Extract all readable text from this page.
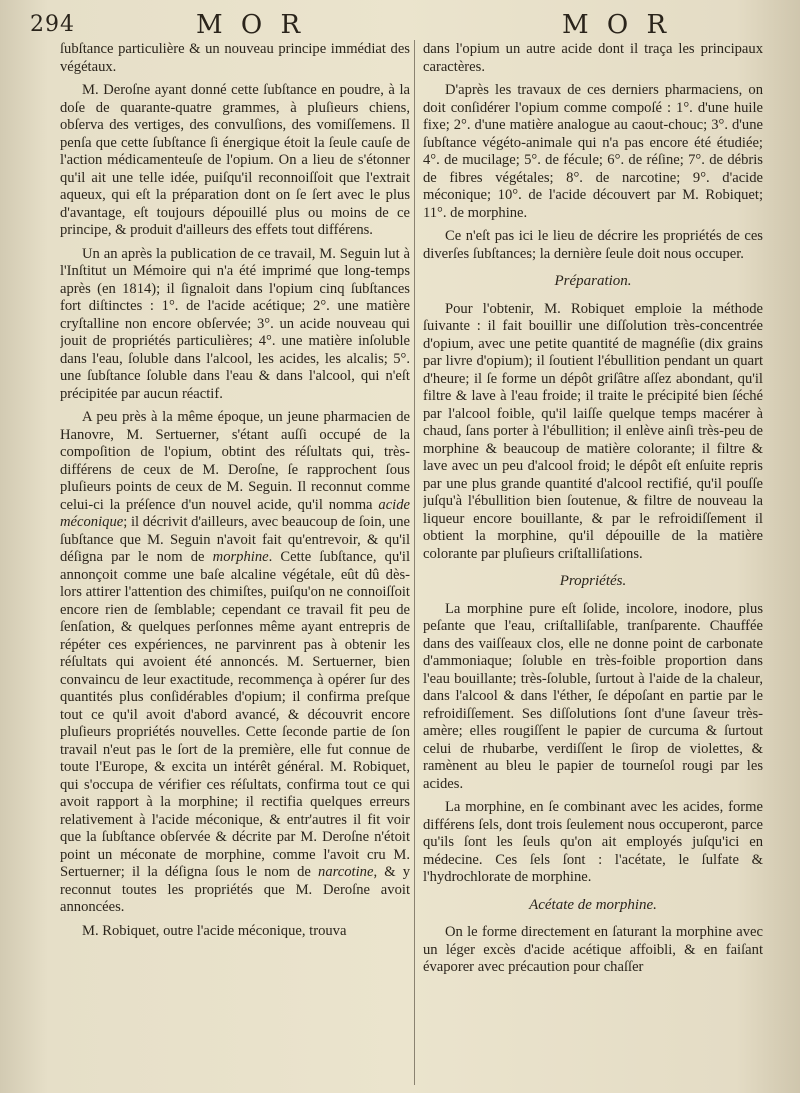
294	M O R	M O R

ſubſtance particulière & un nouveau principe immédiat des végétaux.

M. Deroſne ayant donné cette ſubſtance en poudre, à la doſe de quarante-quatre grammes, à pluſieurs chiens, obſerva des vertiges, des convulſions, des vomiſſemens. Il penſa que cette ſubſtance ſi énergique étoit la ſeule cauſe de l'action médicamenteuſe de l'opium. On a lieu de s'étonner qu'il ait une telle idée, puiſqu'il reconnoiſſoit que l'extrait aqueux, qui eſt la préparation dont on ſe ſert avec le plus d'avantage, eſt toujours dépouillé plus ou moins de ce principe, & produit d'ailleurs des effets tout différens.

Un an après la publication de ce travail, M. Seguin lut à l'Inſtitut un Mémoire qui n'a été imprimé que long-temps après (en 1814); il ſignaloit dans l'opium cinq ſubſtances fort diſtinctes : 1°. de l'acide acétique; 2°. une matière cryſtalline non encore obſervée; 3°. un acide nouveau qui jouit de propriétés particulières; 4°. une matière inſoluble dans l'eau, ſoluble dans l'alcool, les acides, les alcalis; 5°. une ſubſtance ſoluble dans l'eau & dans l'alcool, qui n'eſt précipitée par aucun réactif.

A peu près à la même époque, un jeune pharmacien de Hanovre, M. Sertuerner, s'étant auſſi occupé de la compoſition de l'opium, obtint des réſultats qui, très-différens de ceux de M. Deroſne, ſe rapprochent ſous pluſieurs points de ceux de M. Seguin. Il reconnut comme celui-ci la préſence d'un nouvel acide, qu'il nomma acide méconique; il décrivit d'ailleurs, avec beaucoup de ſoin, une ſubſtance que M. Seguin n'avoit fait qu'entrevoir, & qu'il déſigna par le nom de morphine. Cette ſubſtance, qu'il annonçoit comme une baſe alcaline végétale, eût dû dès-lors attirer l'attention des chimiſtes, puiſqu'on ne connoiſſoit encore rien de ſemblable; cependant ce travail fit peu de ſenſation, & quelques perſonnes même ayant entrepris de répéter ces expériences, ne parvinrent pas à obtenir les réſultats qui avoient été annoncés. M. Sertuerner, bien convaincu de leur exactitude, recommença à opérer ſur des quantités plus conſidérables d'opium; il confirma preſque tout ce qu'il avoit d'abord avancé, & découvrit encore pluſieurs propriétés nouvelles. Cette ſeconde partie de ſon travail n'eut pas le ſort de la première, elle fut connue de toute l'Europe, & excita un intérêt général. M. Robiquet, qui s'occupa de vérifier ces réſultats, confirma tout ce qui avoit rapport à la morphine; il rectifia quelques erreurs relativement à l'acide méconique, & entr'autres il fit voir que la ſubſtance obſervée & décrite par M. Deroſne n'étoit point un méconate de morphine, comme l'avoit cru M. Sertuerner; il la déſigna ſous le nom de narcotine, & y reconnut toutes les propriétés que M. Deroſne avoit annoncées.

M. Robiquet, outre l'acide méconique, trouva

dans l'opium un autre acide dont il traça les principaux caractères.

D'après les travaux de ces derniers pharmaciens, on doit conſidérer l'opium comme compoſé : 1°. d'une huile fixe; 2°. d'une matière analogue au caout-chouc; 3°. d'une ſubſtance végéto-animale qui n'a pas encore été étudiée; 4°. de mucilage; 5°. de fécule; 6°. de réſine; 7°. de débris de fibres végétales; 8°. de narcotine; 9°. d'acide méconique; 10°. de l'acide découvert par M. Robiquet; 11°. de morphine.

Ce n'eſt pas ici le lieu de décrire les propriétés de ces diverſes ſubſtances; la dernière ſeule doit nous occuper.

Préparation.

Pour l'obtenir, M. Robiquet emploie la méthode ſuivante : il fait bouillir une diſſolution très-concentrée d'opium, avec une petite quantité de magnéſie (dix grains par livre d'opium); il ſoutient l'ébullition pendant un quart d'heure; il ſe forme un dépôt griſâtre aſſez abondant, qu'il filtre & lave à l'eau froide; il traite le précipité bien ſéché par l'alcool foible, qu'il laiſſe quelque temps macérer à chaud, ſans porter à l'ébullition; il enlève ainſi très-peu de morphine & beaucoup de matière colorante; il filtre & lave avec un peu d'alcool froid; le dépôt eſt enſuite repris par une plus grande quantité d'alcool rectifié, qu'il pouſſe juſqu'à l'ébullition bien ſoutenue, & filtre de nouveau la liqueur encore bouillante, & par le refroidiſſement il obtient la morphine, qu'il dépouille de la matière colorante par pluſieurs criſtalliſations.

Propriétés.

La morphine pure eſt ſolide, incolore, inodore, plus peſante que l'eau, criſtalliſable, tranſparente. Chauffée dans des vaiſſeaux clos, elle ne donne point de carbonate d'ammoniaque; ſoluble en très-foible proportion dans l'eau bouillante; très-ſoluble, ſurtout à l'aide de la chaleur, dans l'alcool & dans l'éther, ſe dépoſant en partie par le refroidiſſement. Ses diſſolutions ſont d'une ſaveur très-amère; elles rougiſſent le papier de curcuma & ſurtout celui de rhubarbe, verdiſſent le ſirop de violettes, & ramènent au bleu le papier de tourneſol rougi par les acides.

La morphine, en ſe combinant avec les acides, forme différens ſels, dont trois ſeulement nous occuperont, parce qu'ils ſont les ſeuls qu'on ait employés juſqu'ici en médecine. Ces ſels ſont : l'acétate, le ſulfate & l'hydrochlorate de morphine.

Acétate de morphine.

On le forme directement en ſaturant la morphine avec un léger excès d'acide acétique affoibli, & en faiſant évaporer avec précaution pour chaſſer
